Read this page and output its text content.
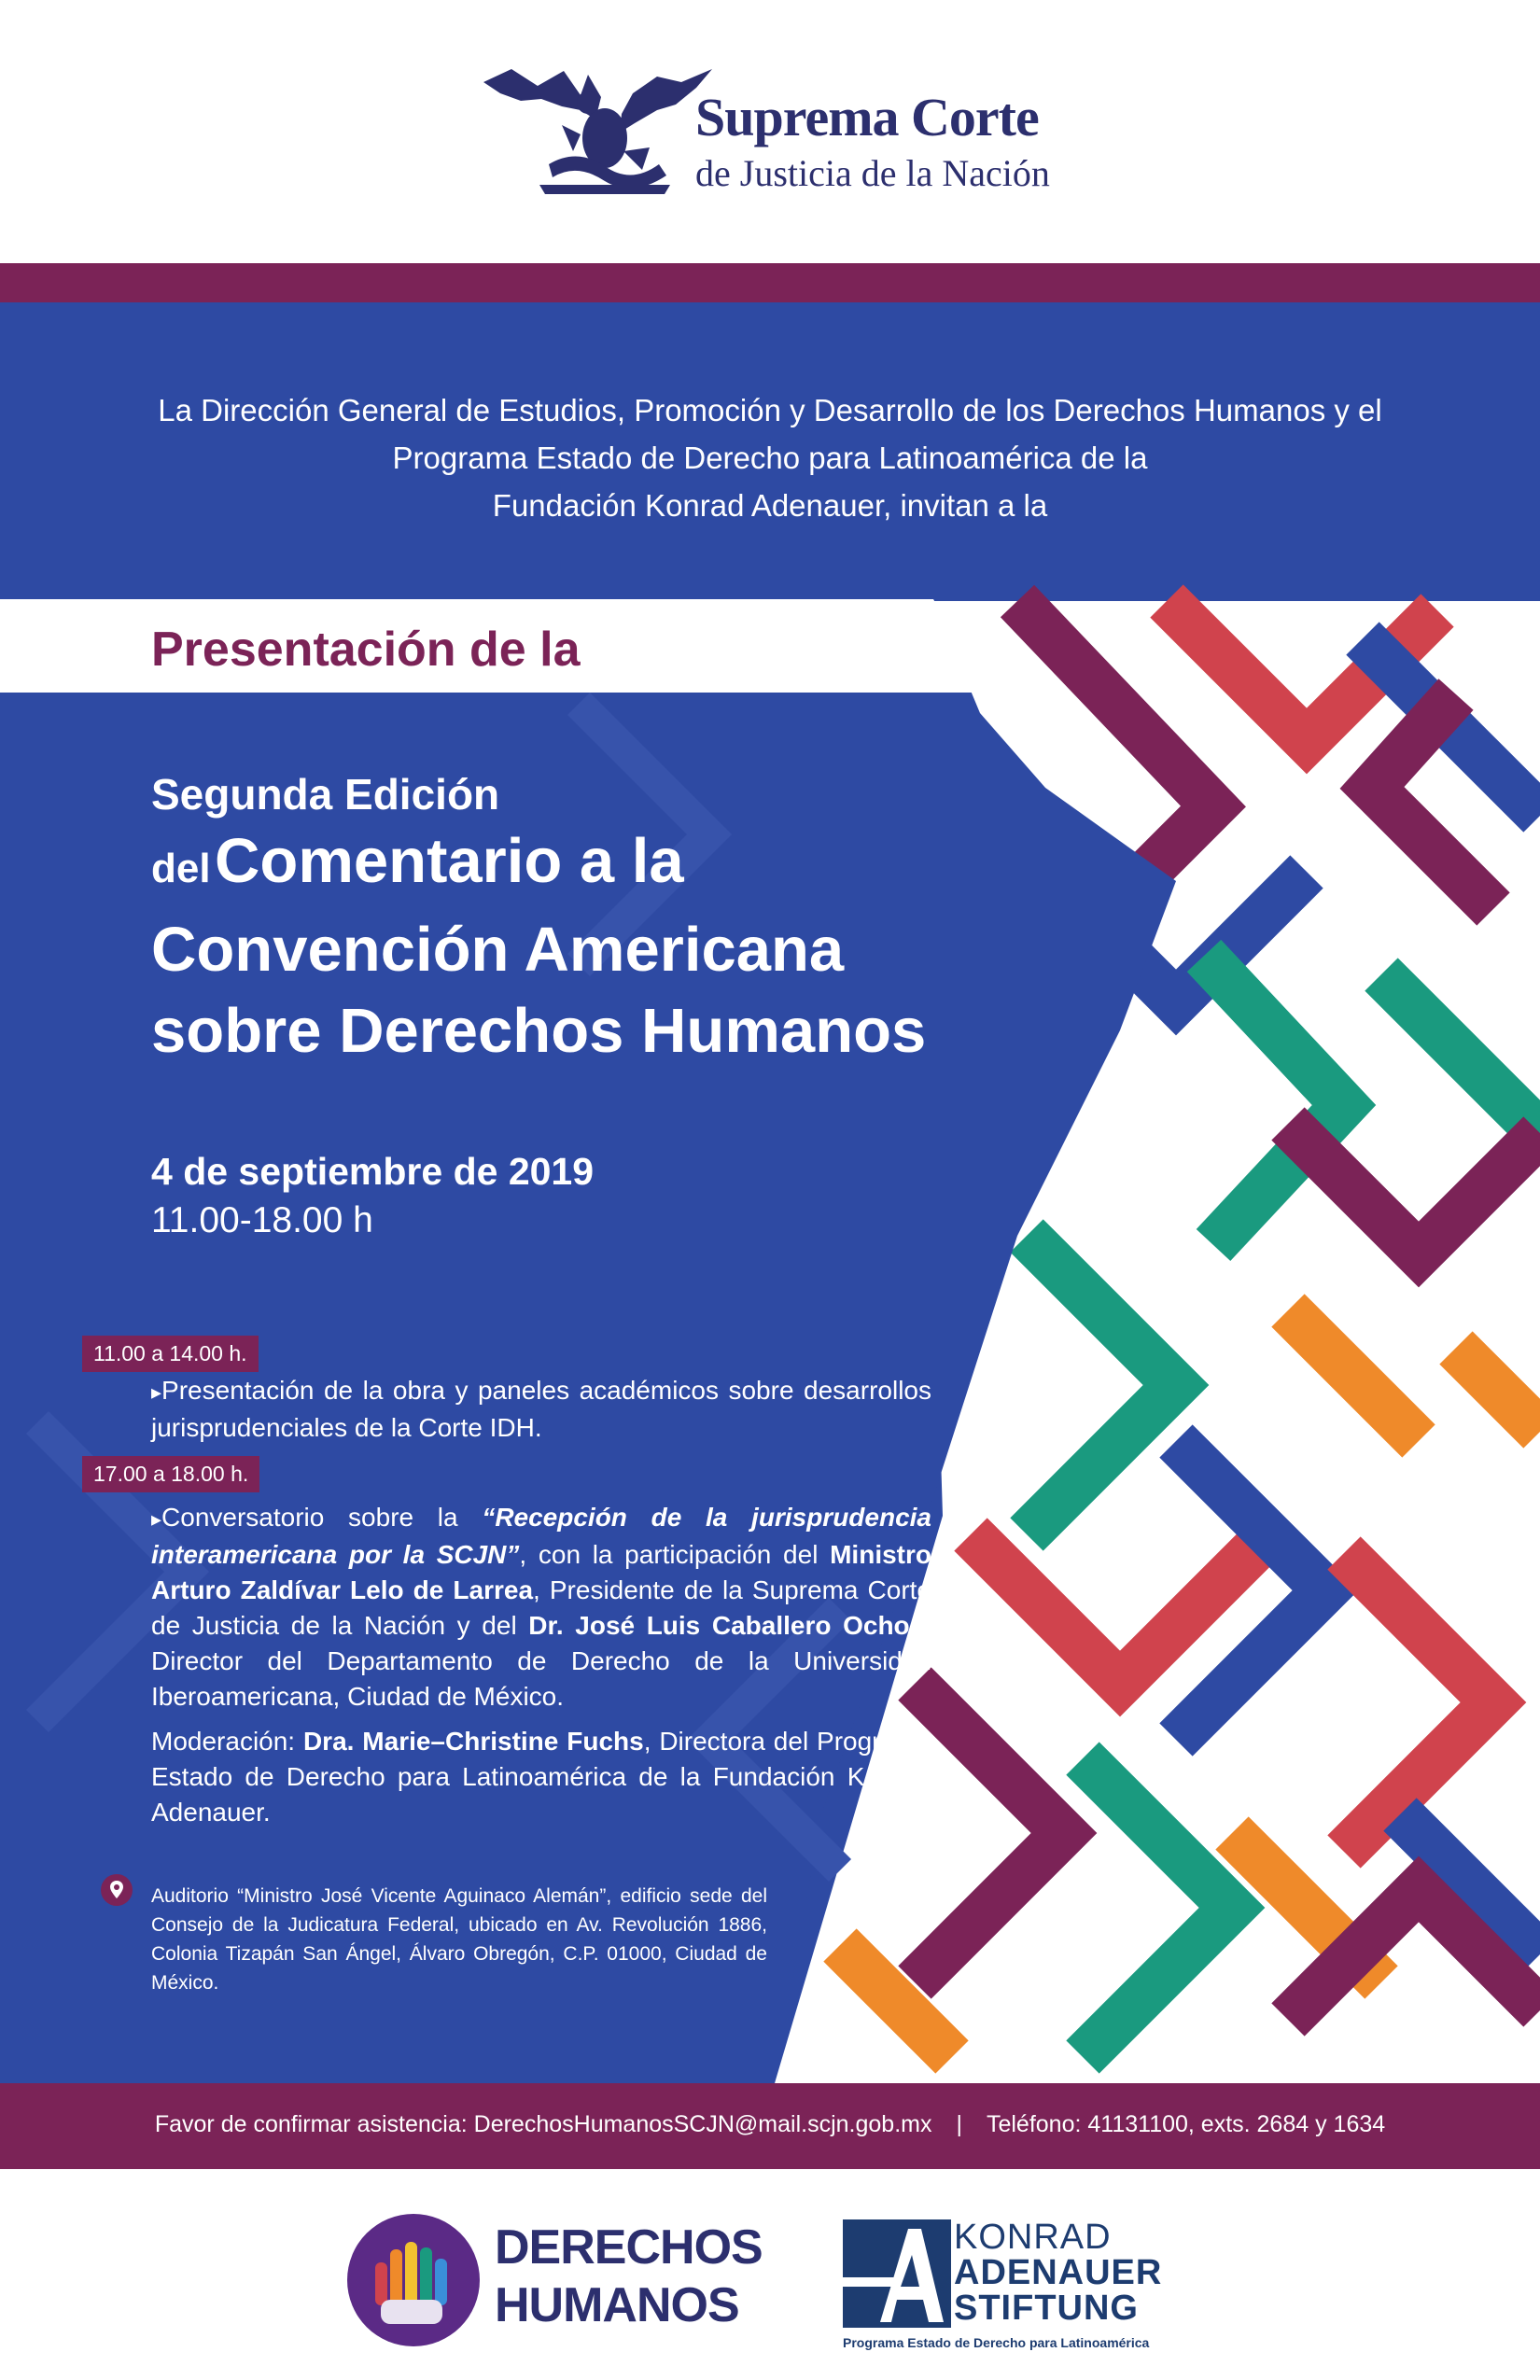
Suprema Corte
de Justicia de la Nación
La Dirección General de Estudios, Promoción y Desarrollo de los Derechos Humanos y el
Programa Estado de Derecho para Latinoamérica de la
Fundación Konrad Adenauer, invitan a la
Presentación de la
Segunda Edición
del Comentario a la
Convención Americana
sobre Derechos Humanos
4 de septiembre de 2019
11.00-18.00 h
11.00 a 14.00 h.
▸Presentación de la obra y paneles académicos sobre desarrollos jurisprudenciales de la Corte IDH.
17.00 a 18.00 h.
▸Conversatorio sobre la “Recepción de la jurisprudencia interamericana por la SCJN”, con la participación del Ministro Arturo Zaldívar Lelo de Larrea, Presidente de la Suprema Corte de Justicia de la Nación y del Dr. José Luis Caballero Ochoa, Director del Departamento de Derecho de la Universidad Iberoamericana, Ciudad de México.
Moderación: Dra. Marie–Christine Fuchs, Directora del Programa Estado de Derecho para Latinoamérica de la Fundación Konrad Adenauer.
Auditorio “Ministro José Vicente Aguinaco Alemán”, edificio sede del Consejo de la Judicatura Federal, ubicado en Av. Revolución 1886, Colonia Tizapán San Ángel, Álvaro Obregón, C.P. 01000, Ciudad de México.
Favor de confirmar asistencia: DerechosHumanosSCJN@mail.scjn.gob.mx | Teléfono: 41131100, exts. 2684 y 1634
DERECHOS
HUMANOS
KONRAD
ADENAUER
STIFTUNG
Programa Estado de Derecho para Latinoamérica
